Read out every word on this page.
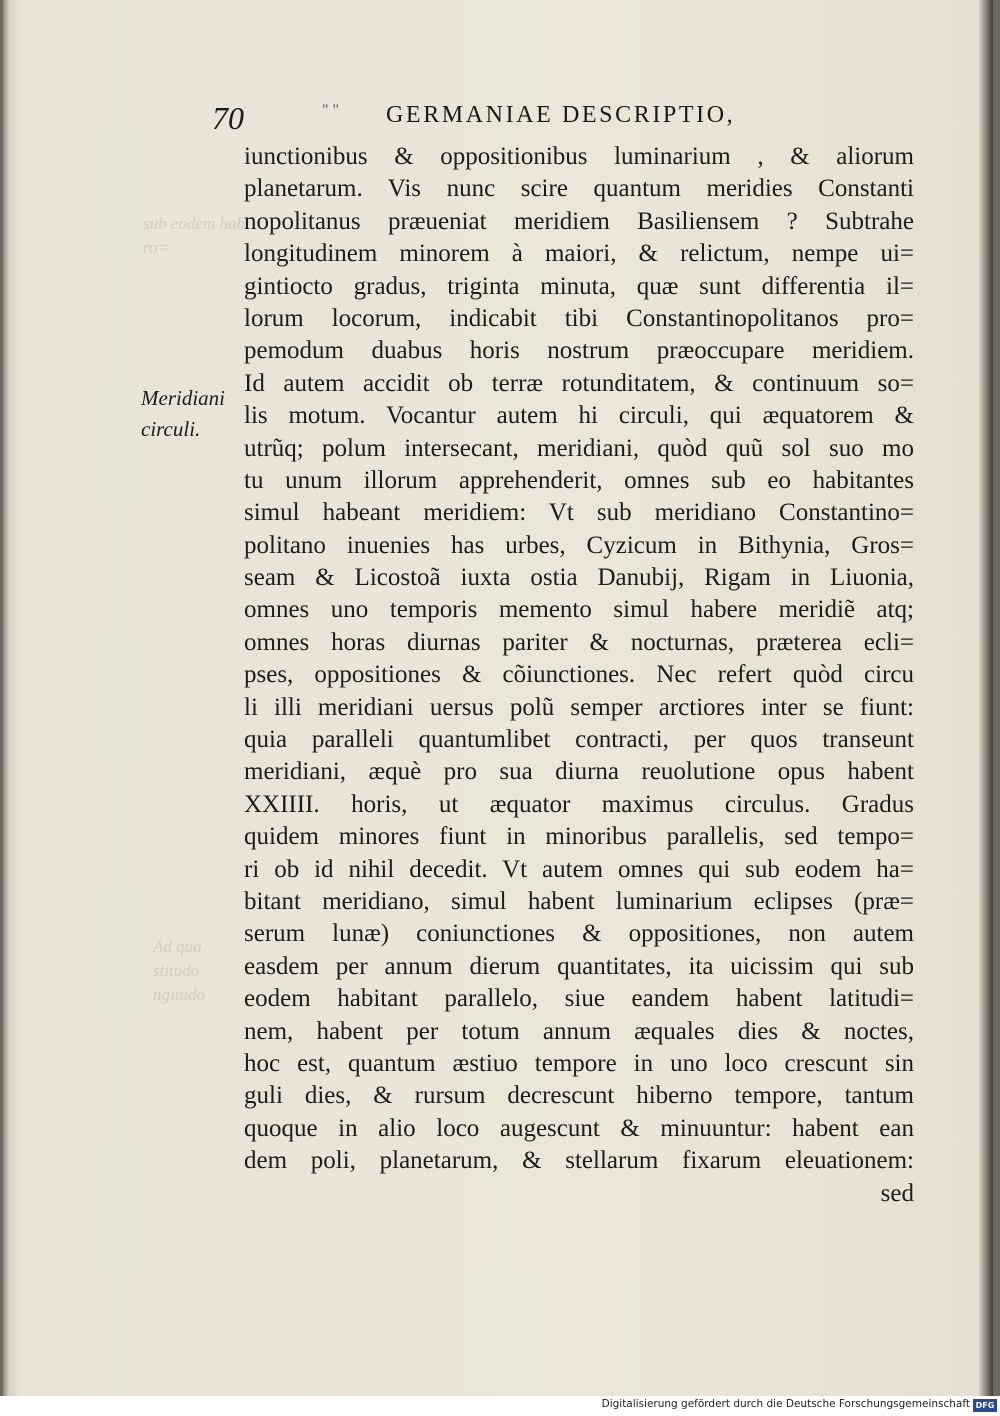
70	" " GERMANIAE DESCRIPTIO,
Meridiani
circuli.
sub eodem habi
ro=
Ad qua
stitudo
ngitudo
iunctionibus & oppositionibus luminarium , & aliorum
planetarum. Vis nunc scire quantum meridies Constanti
nopolitanus præueniat meridiem Basiliensem ? Subtrahe
longitudinem minorem à maiori, & relictum, nempe ui=
gintiocto gradus, triginta minuta, quæ sunt differentia il=
lorum locorum, indicabit tibi Constantinopolitanos pro=
pemodum duabus horis nostrum præoccupare meridiem.
Id autem accidit ob terræ rotunditatem, & continuum so=
lis motum. Vocantur autem hi circuli, qui æquatorem &
utrũq; polum intersecant, meridiani, quòd quũ sol suo mo
tu unum illorum apprehenderit, omnes sub eo habitantes
simul habeant meridiem: Vt sub meridiano Constantino=
politano inuenies has urbes, Cyzicum in Bithynia, Gros=
seam & Licostoã iuxta ostia Danubij, Rigam in Liuonia,
omnes uno temporis memento simul habere meridiẽ atq;
omnes horas diurnas pariter & nocturnas, præterea ecli=
pses, oppositiones & cõiunctiones. Nec refert quòd circu
li illi meridiani uersus polũ semper arctiores inter se fiunt:
quia paralleli quantumlibet contracti, per quos transeunt
meridiani, æquè pro sua diurna reuolutione opus habent
XXIIII. horis, ut æquator maximus circulus. Gradus
quidem minores fiunt in minoribus parallelis, sed tempo=
ri ob id nihil decedit. Vt autem omnes qui sub eodem ha=
bitant meridiano, simul habent luminarium eclipses (præ=
serum lunæ) coniunctiones & oppositiones, non autem
easdem per annum dierum quantitates, ita uicissim qui sub
eodem habitant parallelo, siue eandem habent latitudi=
nem, habent per totum annum æquales dies & noctes,
hoc est, quantum æstiuo tempore in uno loco crescunt sin
guli dies, & rursum decrescunt hiberno tempore, tantum
quoque in alio loco augescunt & minuuntur: habent ean
dem poli, planetarum, & stellarum fixarum eleuationem:
sed
Digitalisierung gefördert durch die Deutsche Forschungsgemeinschaft DFG
